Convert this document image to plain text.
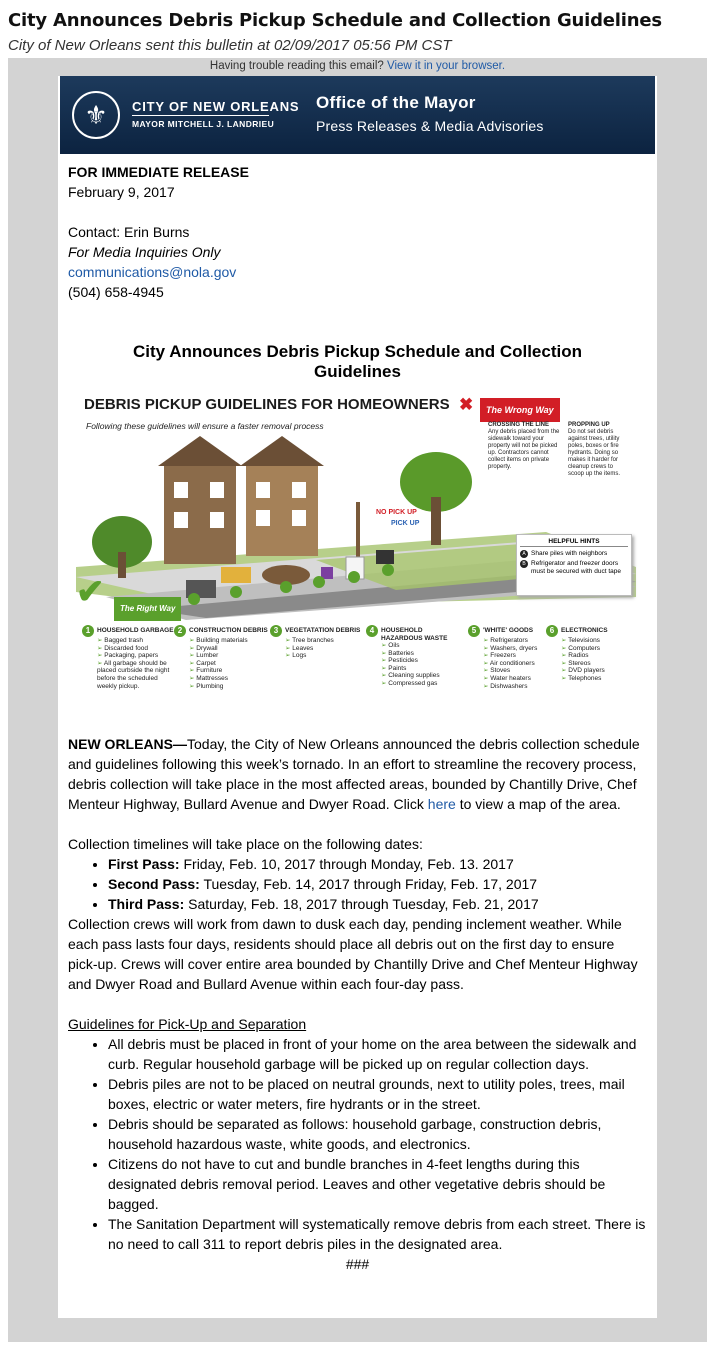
City Announces Debris Pickup Schedule and Collection Guidelines
City of New Orleans sent this bulletin at 02/09/2017 05:56 PM CST
Having trouble reading this email? View it in your browser.
⚜	CITY OF NEW ORLEANS
MAYOR MITCHELL J. LANDRIEU
Office of the Mayor
Press Releases & Media Advisories

FOR IMMEDIATE RELEASE

February 9, 2017

Contact: Erin Burns

For Media Inquiries Only

communications@nola.gov

(504) 658-4945

City Announces Debris Pickup Schedule and Collection Guidelines
NO PICK UP
PICK UP
DEBRIS PICKUP GUIDELINES FOR HOMEOWNERS
Following these guidelines will ensure a faster removal process
✖	The Wrong Way
CROSSING THE LINE
Any debris placed from the sidewalk toward your property will not be picked up. Contractors cannot collect items on private property.
PROPPING UP
Do not set debris against trees, utility poles, boxes or fire hydrants. Doing so makes it harder for cleanup crews to scoop up the items.
HELPFUL HINTS
A Share piles with neighbors
B Refrigerator and freezer doors must be secured with duct tape
✔	The Right Way
1	HOUSEHOLD GARBAGE
➢ Bagged trash
➢ Discarded food
➢ Packaging, papers
➢ All garbage should be placed curbside the night before the scheduled weekly pickup.
2	CONSTRUCTION DEBRIS
➢ Building materials
➢ Drywall
➢ Lumber
➢ Carpet
➢ Furniture
➢ Mattresses
➢ Plumbing
3	VEGETATATION DEBRIS
➢ Tree branches
➢ Leaves
➢ Logs
4	HOUSEHOLD HAZARDOUS WASTE
➢ Oils
➢ Batteries
➢ Pesticides
➢ Paints
➢ Cleaning supplies
➢ Compressed gas
5	'WHITE' GOODS
➢ Refrigerators
➢ Washers, dryers
➢ Freezers
➢ Air conditioners
➢ Stoves
➢ Water heaters
➢ Dishwashers
6	ELECTRONICS
➢ Televisions
➢ Computers
➢ Radios
➢ Stereos
➢ DVD players
➢ Telephones

NEW ORLEANS—Today, the City of New Orleans announced the debris collection schedule and guidelines following this week’s tornado. In an effort to streamline the recovery process, debris collection will take place in the most affected areas, bounded by Chantilly Drive, Chef Menteur Highway, Bullard Avenue and Dwyer Road. Click here to view a map of the area.

Collection timelines will take place on the following dates:

• First Pass: Friday, Feb. 10, 2017 through Monday, Feb. 13. 2017
• Second Pass: Tuesday, Feb. 14, 2017 through Friday, Feb. 17, 2017
• Third Pass: Saturday, Feb. 18, 2017 through Tuesday, Feb. 21, 2017

Collection crews will work from dawn to dusk each day, pending inclement weather. While each pass lasts four days, residents should place all debris out on the first day to ensure pick-up. Crews will cover entire area bounded by Chantilly Drive and Chef Menteur Highway and Dwyer Road and Bullard Avenue within each four-day pass.

Guidelines for Pick-Up and Separation

• All debris must be placed in front of your home on the area between the sidewalk and curb. Regular household garbage will be picked up on regular collection days.
• Debris piles are not to be placed on neutral grounds, next to utility poles, trees, mail boxes, electric or water meters, fire hydrants or in the street.
• Debris should be separated as follows: household garbage, construction debris, household hazardous waste, white goods, and electronics.
• Citizens do not have to cut and bundle branches in 4-feet lengths during this designated debris removal period. Leaves and other vegetative debris should be bagged.
• The Sanitation Department will systematically remove debris from each street. There is no need to call 311 to report debris piles in the designated area.

###
